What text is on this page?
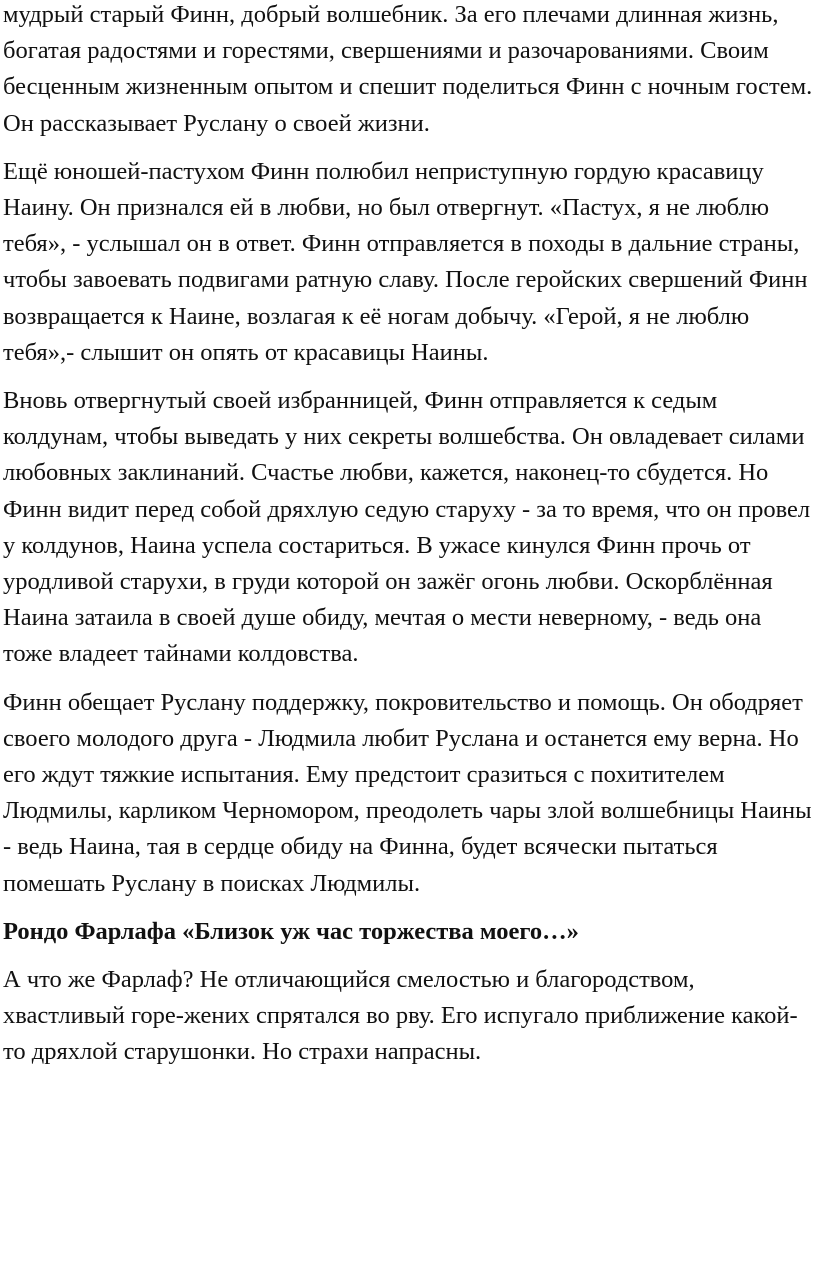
мудрый старый Финн, добрый волшебник. За его плечами длинная жизнь, богатая радостями и горестями, свершениями и разочарованиями. Своим бесценным жизненным опытом и спешит поделиться Финн с ночным гостем. Он рассказывает Руслану о своей жизни.

Ещё юношей-пастухом Финн полюбил неприступную гордую красавицу Наину. Он признался ей в любви, но был отвергнут. «Пастух, я не люблю тебя», - услышал он в ответ. Финн отправляется в походы в дальние страны, чтобы завоевать подвигами ратную славу. После геройских свершений Финн возвращается к Наине, возлагая к её ногам добычу. «Герой, я не люблю тебя»,- слышит он опять от красавицы Наины.

Вновь отвергнутый своей избранницей, Финн отправляется к седым колдунам, чтобы выведать у них секреты волшебства. Он овладевает силами любовных заклинаний. Счастье любви, кажется, наконец-то сбудется. Но Финн видит перед собой дряхлую седую старуху - за то время, что он провел у колдунов, Наина успела состариться. В ужасе кинулся Финн прочь от уродливой старухи, в груди которой он зажёг огонь любви. Оскорблённая Наина затаила в своей душе обиду, мечтая о мести неверному, - ведь она тоже владеет тайнами колдовства.

Финн обещает Руслану поддержку, покровительство и помощь. Он ободряет своего молодого друга - Людмила любит Руслана и останется ему верна. Но его ждут тяжкие испытания. Ему предстоит сразиться с похитителем Людмилы, карликом Черномором, преодолеть чары злой волшебницы Наины - ведь Наина, тая в сердце обиду на Финна, будет всячески пытаться помешать Руслану в поисках Людмилы.

Рондо Фарлафа «Близок уж час торжества моего…»

А что же Фарлаф? Не отличающийся смелостью и благородством, хвастливый горе-жених спрятался во рву. Его испугало приближение какой-то дряхлой старушонки. Но страхи напрасны.
